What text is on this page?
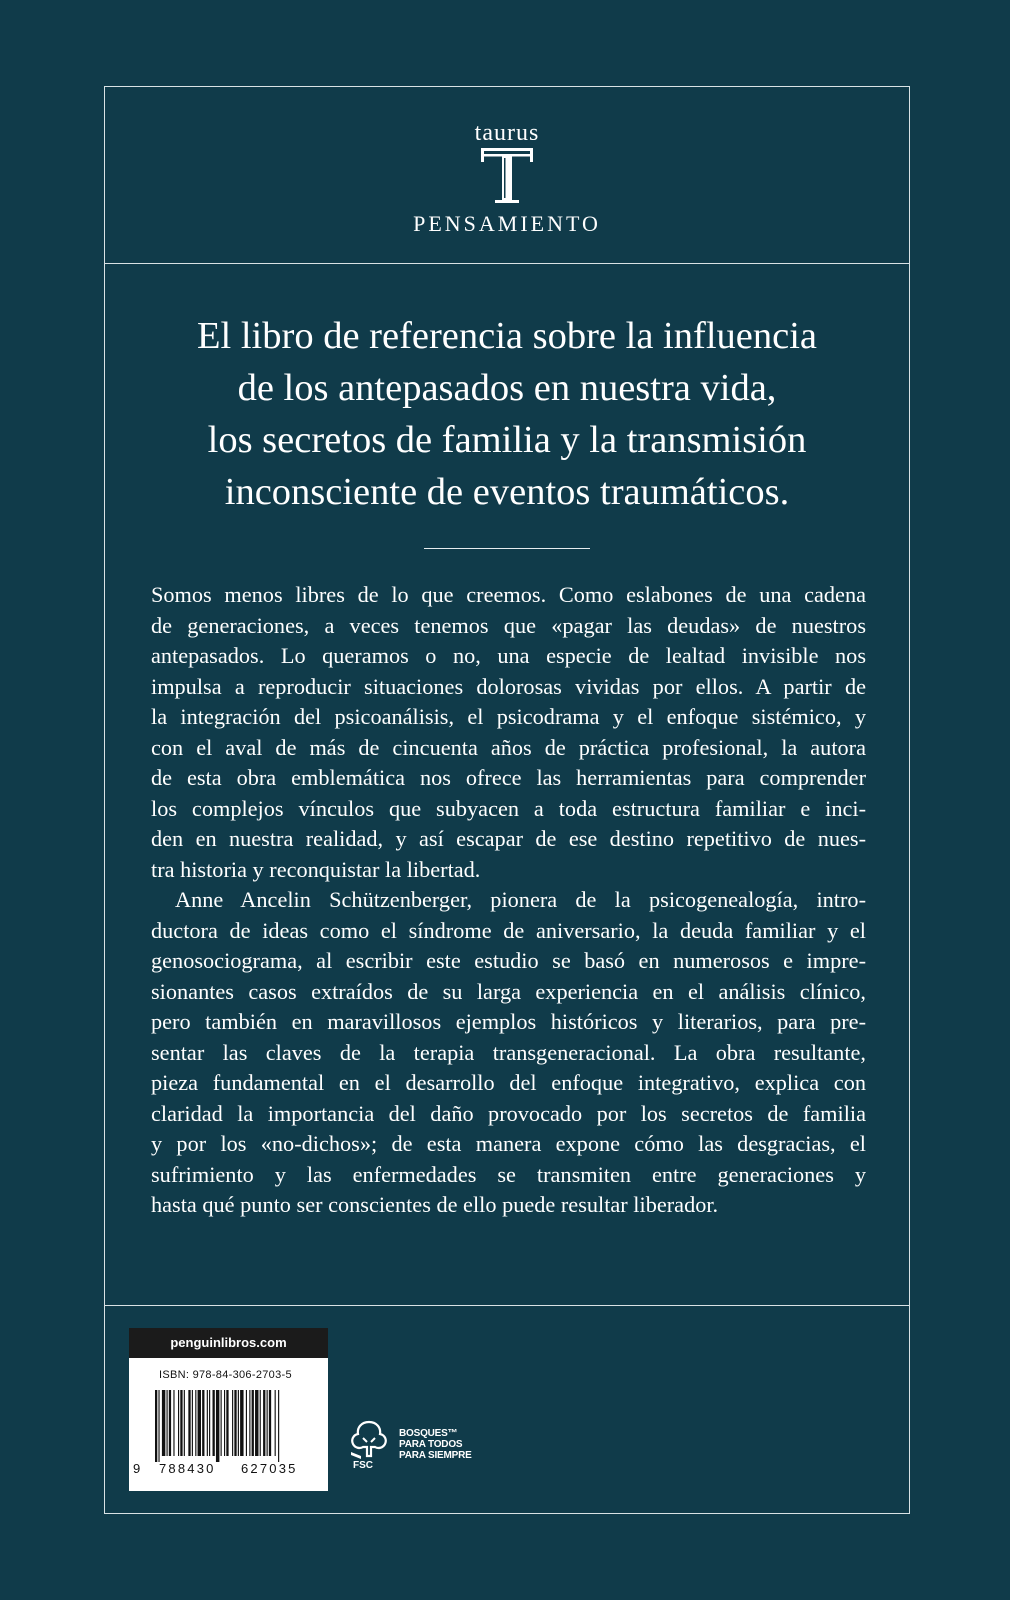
taurus
PENSAMIENTO
El libro de referencia sobre la influencia
de los antepasados en nuestra vida,
los secretos de familia y la transmisión
inconsciente de eventos traumáticos.
Somos menos libres de lo que creemos. Como eslabones de una cadena
de generaciones, a veces tenemos que «pagar las deudas» de nuestros
antepasados. Lo queramos o no, una especie de lealtad invisible nos
impulsa a reproducir situaciones dolorosas vividas por ellos. A partir de
la integración del psicoanálisis, el psicodrama y el enfoque sistémico, y
con el aval de más de cincuenta años de práctica profesional, la autora
de esta obra emblemática nos ofrece las herramientas para comprender
los complejos vínculos que subyacen a toda estructura familiar e inci-
den en nuestra realidad, y así escapar de ese destino repetitivo de nues-
tra historia y reconquistar la libertad.
Anne Ancelin Schützenberger, pionera de la psicogenealogía, intro-
ductora de ideas como el síndrome de aniversario, la deuda familiar y el
genosociograma, al escribir este estudio se basó en numerosos e impre-
sionantes casos extraídos de su larga experiencia en el análisis clínico,
pero también en maravillosos ejemplos históricos y literarios, para pre-
sentar las claves de la terapia transgeneracional. La obra resultante,
pieza fundamental en el desarrollo del enfoque integrativo, explica con
claridad la importancia del daño provocado por los secretos de familia
y por los «no-dichos»; de esta manera expone cómo las desgracias, el
sufrimiento y las enfermedades se transmiten entre generaciones y
hasta qué punto ser conscientes de ello puede resultar liberador.
penguinlibros.com
ISBN: 978-84-306-2703-5
9 788430 627035	FSC
BOSQUES™
PARA TODOS
PARA SIEMPRE
